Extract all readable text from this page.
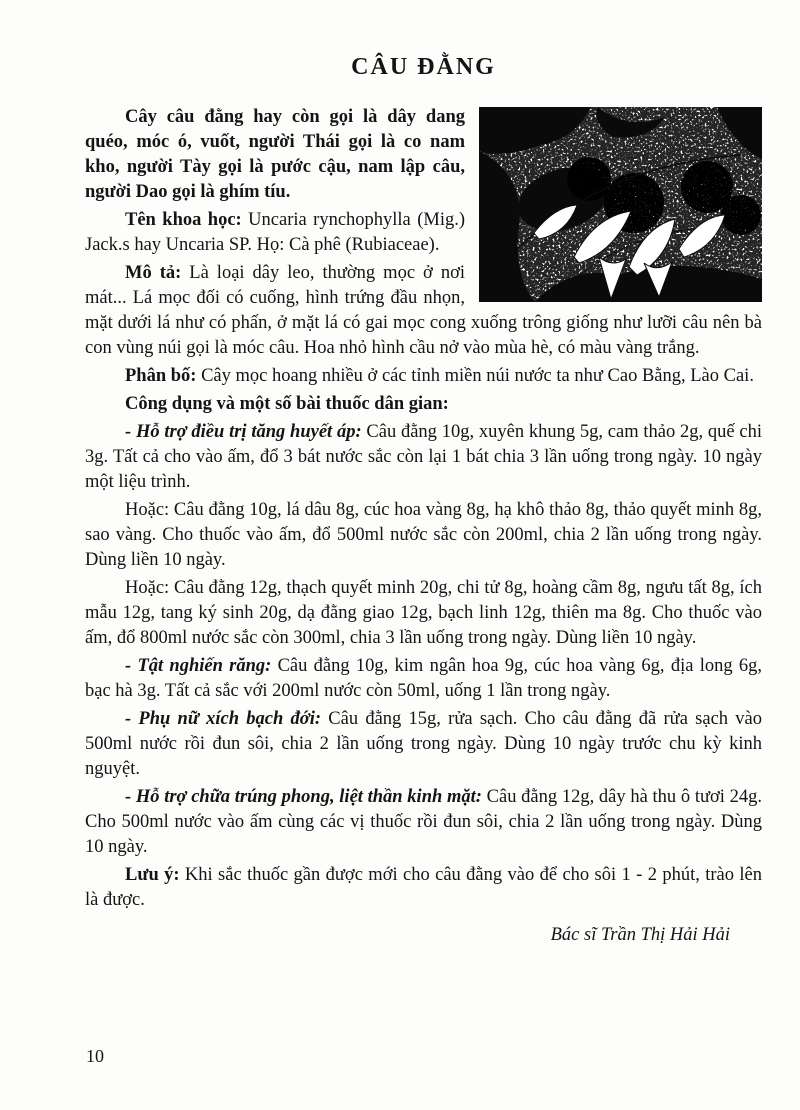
CÂU ĐẰNG

Cây câu đằng hay còn gọi là dây dang quéo, móc ó, vuốt, người Thái gọi là co nam kho, người Tày gọi là pước cậu, nam lập câu, người Dao gọi là ghím tíu.

Tên khoa học: Uncaria rynchophylla (Mig.) Jack.s hay Uncaria SP. Họ: Cà phê (Rubiaceae).

Mô tả: Là loại dây leo, thường mọc ở nơi mát... Lá mọc đối có cuống, hình trứng đầu nhọn, mặt dưới lá như có phấn, ở mặt lá có gai mọc cong xuống trông giống như lưỡi câu nên bà con vùng núi gọi là móc câu. Hoa nhỏ hình cầu nở vào mùa hè, có màu vàng trắng.

Phân bố: Cây mọc hoang nhiều ở các tỉnh miền núi nước ta như Cao Bằng, Lào Cai.

Công dụng và một số bài thuốc dân gian:

- Hỗ trợ điều trị tăng huyết áp: Câu đằng 10g, xuyên khung 5g, cam thảo 2g, quế chi 3g. Tất cả cho vào ấm, đổ 3 bát nước sắc còn lại 1 bát chia 3 lần uống trong ngày. 10 ngày một liệu trình.

Hoặc: Câu đằng 10g, lá dâu 8g, cúc hoa vàng 8g, hạ khô thảo 8g, thảo quyết minh 8g, sao vàng. Cho thuốc vào ấm, đổ 500ml nước sắc còn 200ml, chia 2 lần uống trong ngày. Dùng liền 10 ngày.

Hoặc: Câu đằng 12g, thạch quyết minh 20g, chi tử 8g, hoàng cầm 8g, ngưu tất 8g, ích mẫu 12g, tang ký sinh 20g, dạ đằng giao 12g, bạch linh 12g, thiên ma 8g. Cho thuốc vào ấm, đổ 800ml nước sắc còn 300ml, chia 3 lần uống trong ngày. Dùng liền 10 ngày.

- Tật nghiến răng: Câu đằng 10g, kim ngân hoa 9g, cúc hoa vàng 6g, địa long 6g, bạc hà 3g. Tất cả sắc với 200ml nước còn 50ml, uống 1 lần trong ngày.

- Phụ nữ xích bạch đới: Câu đằng 15g, rửa sạch. Cho câu đằng đã rửa sạch vào 500ml nước rồi đun sôi, chia 2 lần uống trong ngày. Dùng 10 ngày trước chu kỳ kinh nguyệt.

- Hỗ trợ chữa trúng phong, liệt thần kinh mặt: Câu đằng 12g, dây hà thu ô tươi 24g. Cho 500ml nước vào ấm cùng các vị thuốc rồi đun sôi, chia 2 lần uống trong ngày. Dùng 10 ngày.

Lưu ý: Khi sắc thuốc gần được mới cho câu đằng vào để cho sôi 1 - 2 phút, trào lên là được.

Bác sĩ Trần Thị Hải Hải
10
